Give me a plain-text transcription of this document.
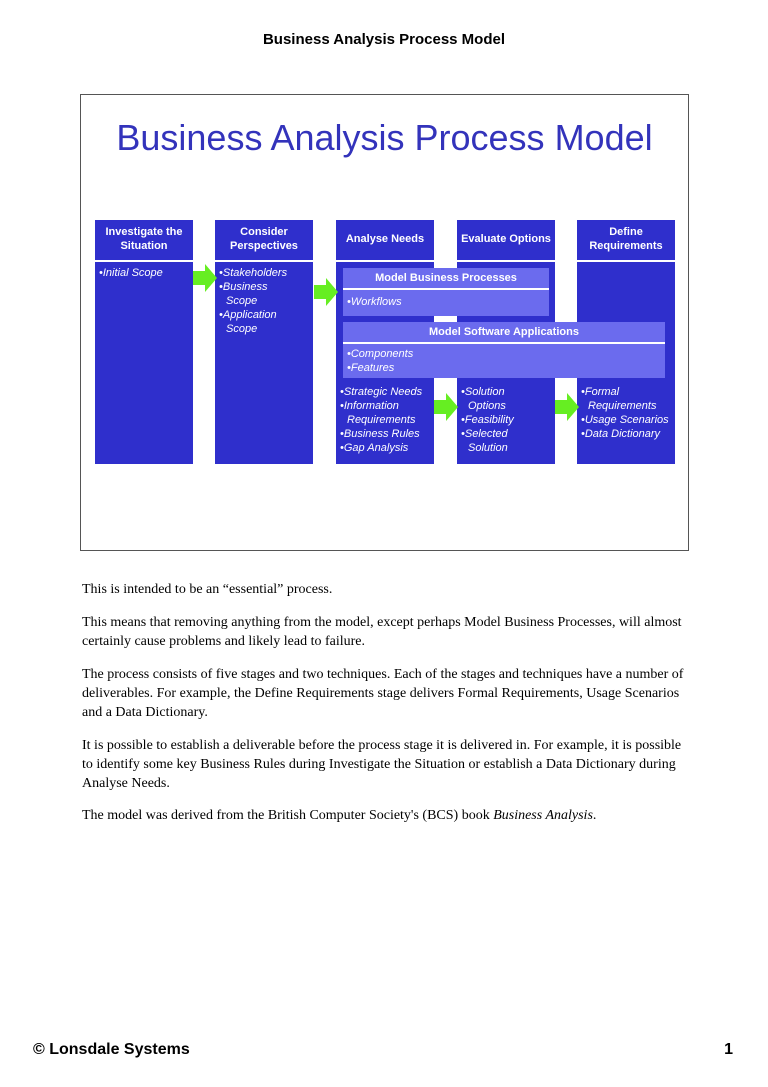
Business Analysis Process Model
Business Analysis Process Model
Investigate the Situation
• Initial Scope
Consider Perspectives
• Stakeholders
• Business Scope
• Application Scope
Analyse Needs
• Strategic Needs
• Information Requirements
• Business Rules
• Gap Analysis
Evaluate Options
• Solution Options
• Feasibility
• Selected Solution
Define Requirements
• Formal Requirements
• Usage Scenarios
• Data Dictionary
Model Business Processes
• Workflows
Model Software Applications
• Components
• Features

This is intended to be an “essential” process.

This means that removing anything from the model, except perhaps Model Business Processes, will almost certainly cause problems and likely lead to failure.

The process consists of five stages and two techniques. Each of the stages and techniques have a number of deliverables. For example, the Define Requirements stage delivers Formal Requirements, Usage Scenarios and a Data Dictionary.

It is possible to establish a deliverable before the process stage it is delivered in. For example, it is possible to identify some key Business Rules during Investigate the Situation or establish a Data Dictionary during Analyse Needs.

The model was derived from the British Computer Society's (BCS) book Business Analysis.

© Lonsdale Systems	1
